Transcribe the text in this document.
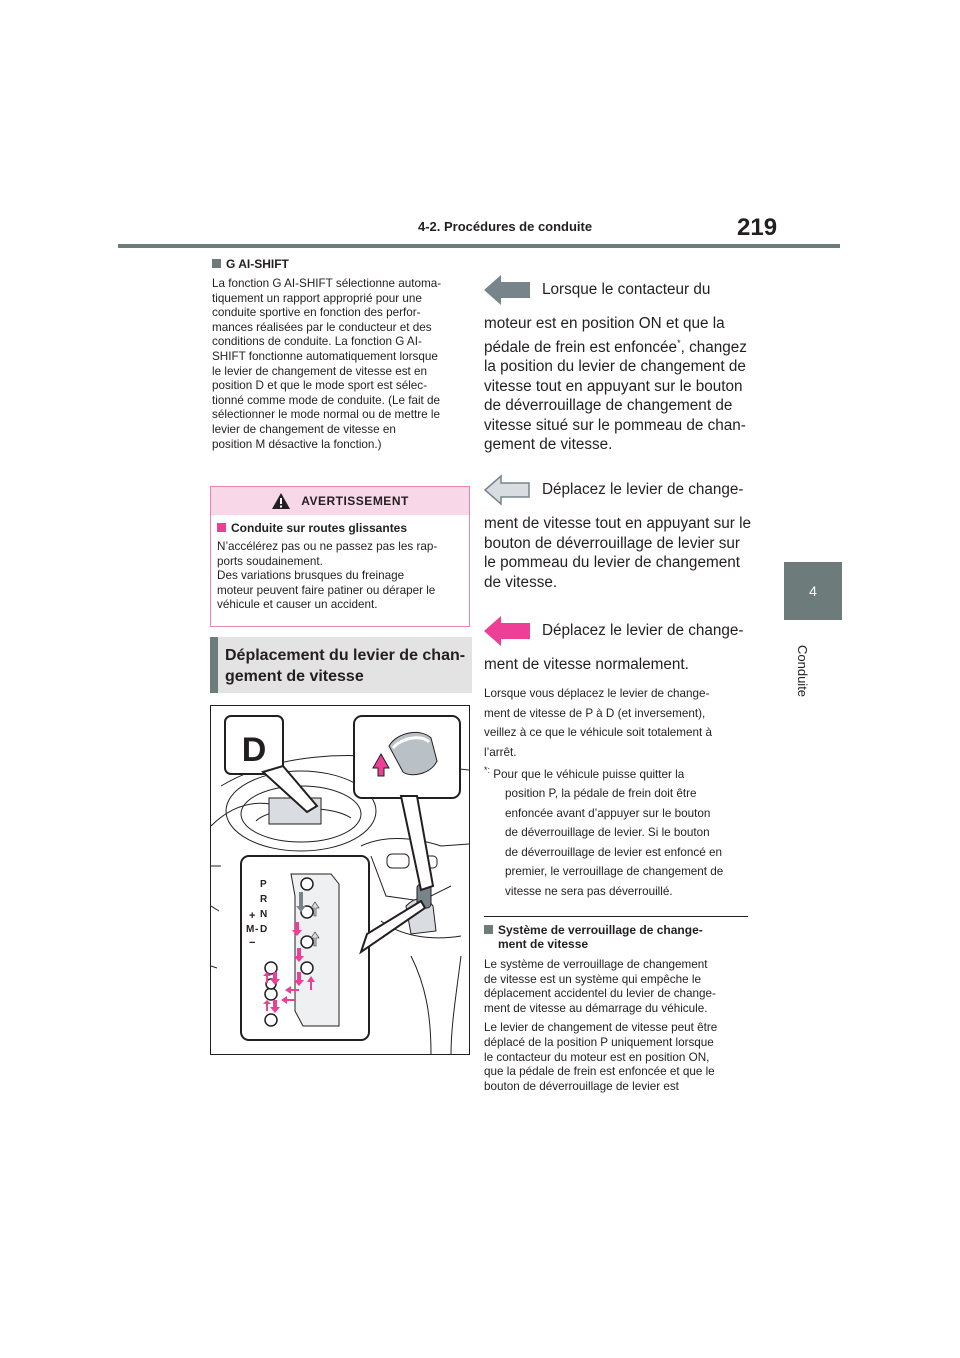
4-2. Procédures de conduite	219
4
Conduite
G AI-SHIFT
La fonction G AI-SHIFT sélectionne automa-
tiquement un rapport approprié pour une
conduite sportive en fonction des perfor-
mances réalisées par le conducteur et des
conditions de conduite. La fonction G AI-
SHIFT fonctionne automatiquement lorsque
le levier de changement de vitesse est en
position D et que le mode sport est sélec-
tionné comme mode de conduite. (Le fait de
sélectionner le mode normal ou de mettre le
levier de changement de vitesse en
position M désactive la fonction.)
AVERTISSEMENT
Conduite sur routes glissantes
N’accélérez pas ou ne passez pas les rap-
ports soudainement.
Des variations brusques du freinage
moteur peuvent faire patiner ou déraper le
véhicule et causer un accident.
Déplacement du levier de chan-
gement de vitesse
D
P
R
N
D
M
+
−
-
Lorsque le contacteur du
moteur est en position ON et que la
pédale de frein est enfoncée*, changez
la position du levier de changement de
vitesse tout en appuyant sur le bouton
de déverrouillage de changement de
vitesse situé sur le pommeau de chan-
gement de vitesse.
Déplacez le levier de change-
ment de vitesse tout en appuyant sur le
bouton de déverrouillage de levier sur
le pommeau du levier de changement
de vitesse.
Déplacez le levier de change-
ment de vitesse normalement.
Lorsque vous déplacez le levier de change-
ment de vitesse de P à D (et inversement),
veillez à ce que le véhicule soit totalement à
l’arrêt.
*: Pour que le véhicule puisse quitter la
position P, la pédale de frein doit être
enfoncée avant d’appuyer sur le bouton
de déverrouillage de levier. Si le bouton
de déverrouillage de levier est enfoncé en
premier, le verrouillage de changement de
vitesse ne sera pas déverrouillé.
Système de verrouillage de change-
ment de vitesse
Le système de verrouillage de changement
de vitesse est un système qui empêche le
déplacement accidentel du levier de change-
ment de vitesse au démarrage du véhicule.
Le levier de changement de vitesse peut être
déplacé de la position P uniquement lorsque
le contacteur du moteur est en position ON,
que la pédale de frein est enfoncée et que le
bouton de déverrouillage de levier est
